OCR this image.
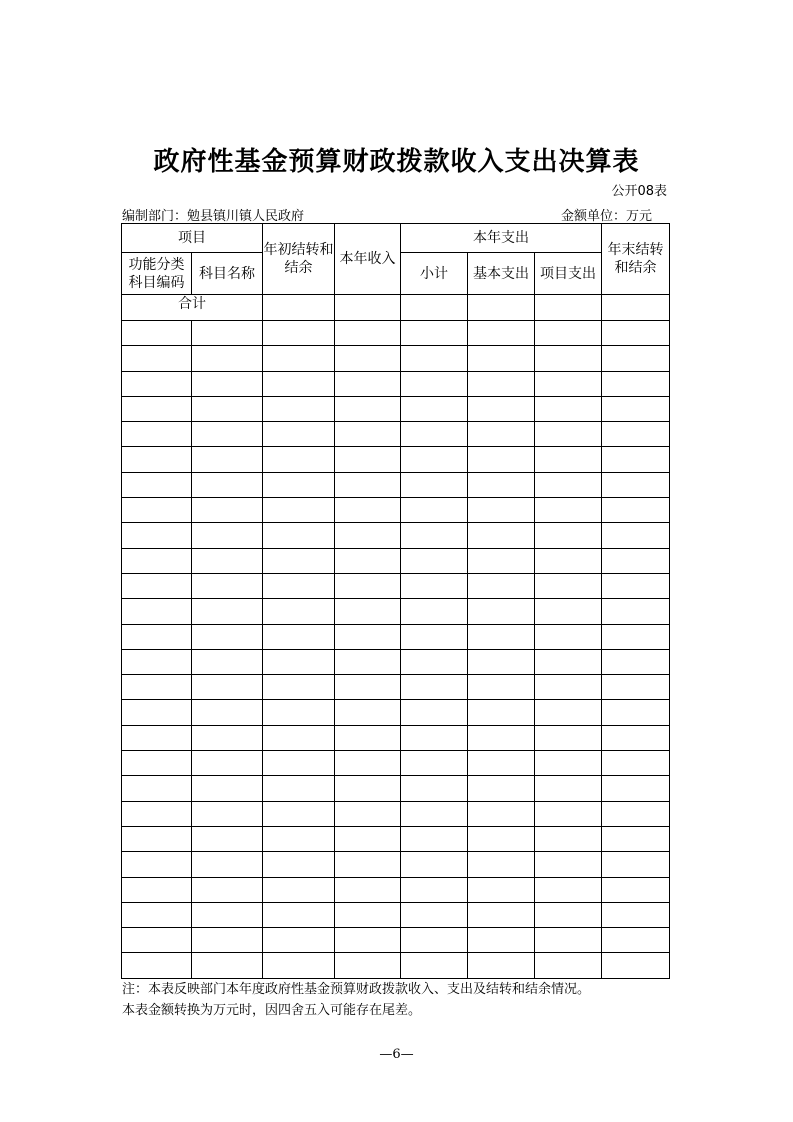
政府性基金预算财政拨款收入支出决算表
公开08表
编制部门：勉县镇川镇人民政府	金额单位：万元
项目		年初结转和结余	本年收入	本年支出			年末结转和结余
功能分类科目编码	科目名称			小计	基本支出	项目支出	
合计							

注：本表反映部门本年度政府性基金预算财政拨款收入、支出及结转和结余情况。
本表金额转换为万元时，因四舍五入可能存在尾差。
—6—
